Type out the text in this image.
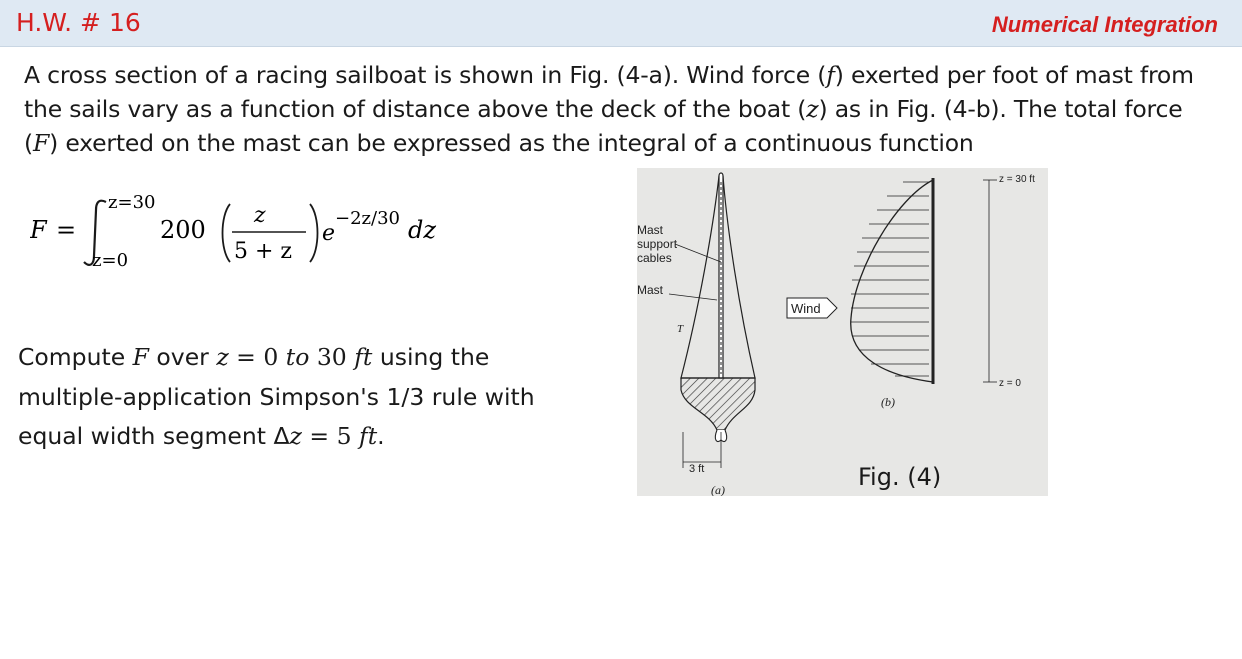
H.W. # 16	Numerical Integration
A cross section of a racing sailboat is shown in Fig. (4-a). Wind force (f) exerted per foot of mast from
the sails vary as a function of distance above the deck of the boat (z) as in Fig. (4-b). The total force
(F) exerted on the mast can be expressed as the integral of a continuous function
F =
z=30
z=0
200
z
5 + z
e
−2z/30 dz
Compute F over z = 0 to 30 ft using the
multiple-application Simpson's 1/3 rule with
equal width segment Δz = 5 ft.
Mast
support
cables
Mast
T
3 ft
(a)
Wind
z = 30 ft
z = 0
(b)
Fig. (4)
